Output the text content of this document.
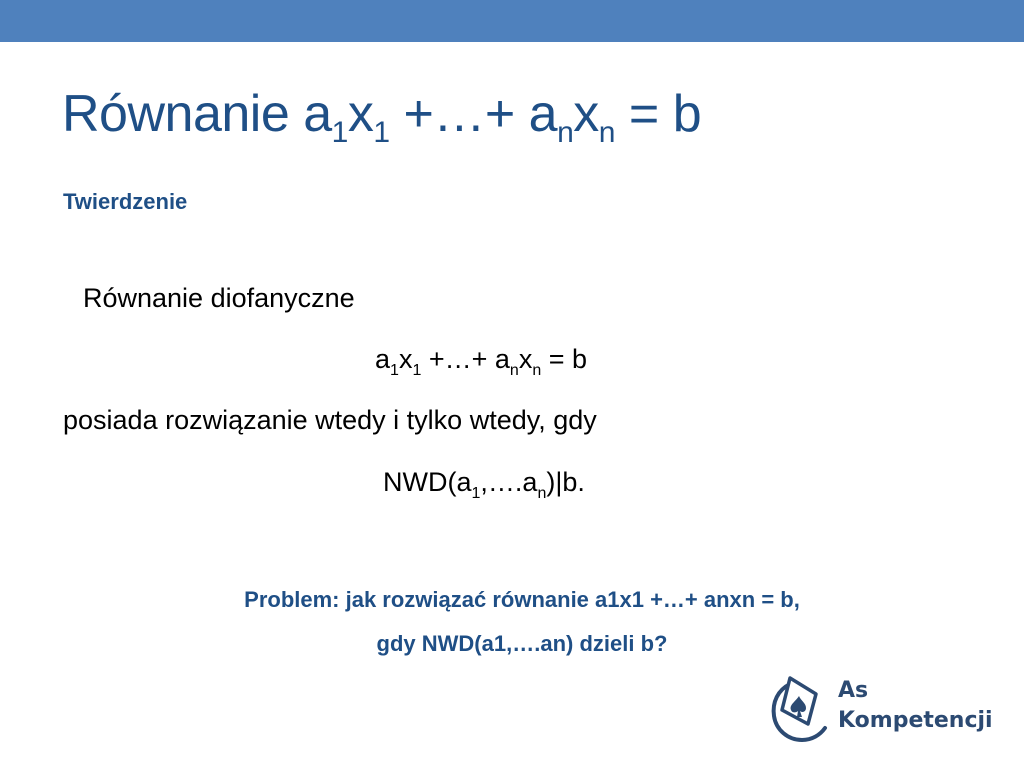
Równanie $a_1x_1$ +…+ $a_nx_n = b$
Twierdzenie
Równanie diofanyczne
$a_1x_1$ +…+ $a_nx_n = b$
posiada rozwiązanie wtedy i tylko wtedy, gdy
$NWD(a_1,\dots.a_n)|b$.
Problem: jak rozwiązać równanie a1x1 +…+ anxn = b,
gdy NWD(a1,….an) dzieli b?
As
Kompetencji
